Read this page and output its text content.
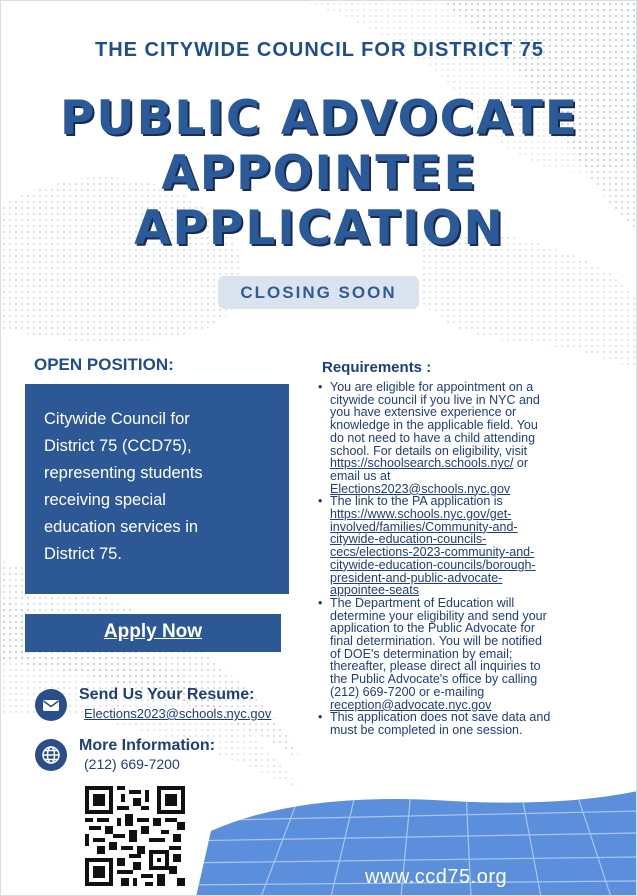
THE CITYWIDE COUNCIL FOR DISTRICT 75
PUBLIC ADVOCATE
APPOINTEE
APPLICATION
CLOSING SOON
OPEN POSITION:
Citywide Council for
District 75 (CCD75),
representing students
receiving special
education services in
District 75.
Apply Now
Send Us Your Resume:
Elections2023@schools.nyc.gov
More Information:
(212) 669-7200
Requirements :
• You are eligible for appointment on a
citywide council if you live in NYC and
you have extensive experience or
knowledge in the applicable field. You
do not need to have a child attending
school. For details on eligibility, visit
https://schoolsearch.schools.nyc/ or
email us at
Elections2023@schools.nyc.gov
• The link to the PA application is
https://www.schools.nyc.gov/get-
involved/families/Community-and-
citywide-education-councils-
cecs/elections-2023-community-and-
citywide-education-councils/borough-
president-and-public-advocate-
appointee-seats
• The Department of Education will
determine your eligibility and send your
application to the Public Advocate for
final determination. You will be notified
of DOE's determination by email;
thereafter, please direct all inquiries to
the Public Advocate's office by calling
(212) 669-7200 or e-mailing
reception@advocate.nyc.gov
• This application does not save data and
must be completed in one session.
www.ccd75.org
